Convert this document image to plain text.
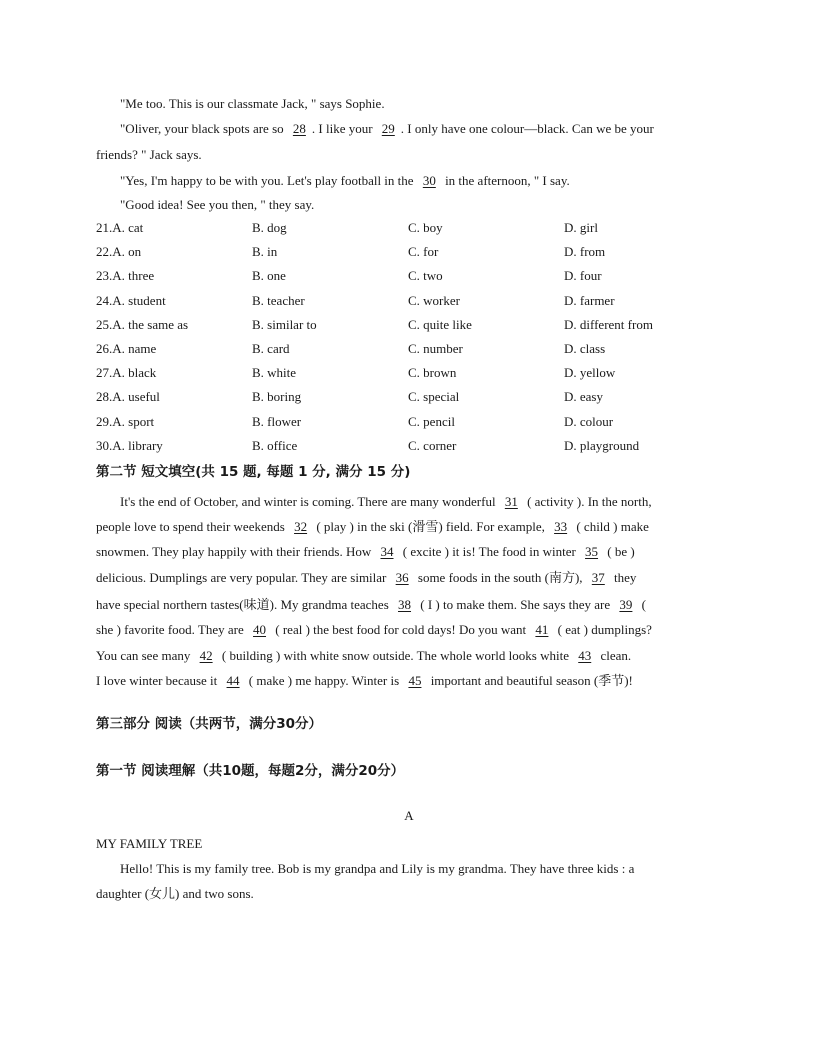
"Me too. This is our classmate Jack, " says Sophie.
"Oliver, your black spots are so 28 . I like your 29 . I only have one colour—black. Can we be your
friends? " Jack says.
"Yes, I'm happy to be with you. Let's play football in the 30 in the afternoon, " I say.
"Good idea! See you then, " they say.
21.A. cat	B. dog	C. boy	D. girl
22.A. on	B. in	C. for	D. from
23.A. three	B. one	C. two	D. four
24.A. student	B. teacher	C. worker	D. farmer
25.A. the same as	B. similar to	C. quite like	D. different from
26.A. name	B. card	C. number	D. class
27.A. black	B. white	C. brown	D. yellow
28.A. useful	B. boring	C. special	D. easy
29.A. sport	B. flower	C. pencil	D. colour
30.A. library	B. office	C. corner	D. playground
第二节 短文填空(共 15 题, 每题 1 分, 满分 15 分)
It's the end of October, and winter is coming. There are many wonderful 31 ( activity ). In the north,
people love to spend their weekends 32 ( play ) in the ski (滑雪) field. For example, 33 ( child ) make
snowmen. They play happily with their friends. How 34 ( excite ) it is! The food in winter 35 ( be )
delicious. Dumplings are very popular. They are similar 36 some foods in the south (南方), 37 they
have special northern tastes(味道). My grandma teaches 38 ( I ) to make them. She says they are 39 (
she ) favorite food. They are 40 ( real ) the best food for cold days! Do you want 41 ( eat ) dumplings?
You can see many 42 ( building ) with white snow outside. The whole world looks white 43 clean.
I love winter because it 44 ( make ) me happy. Winter is 45 important and beautiful season (季节)!
第三部分 阅读（共两节，满分30分）
第一节 阅读理解（共10题，每题2分，满分20分）
A
MY FAMILY TREE
Hello! This is my family tree. Bob is my grandpa and Lily is my grandma. They have three kids : a
daughter (女儿) and two sons.
